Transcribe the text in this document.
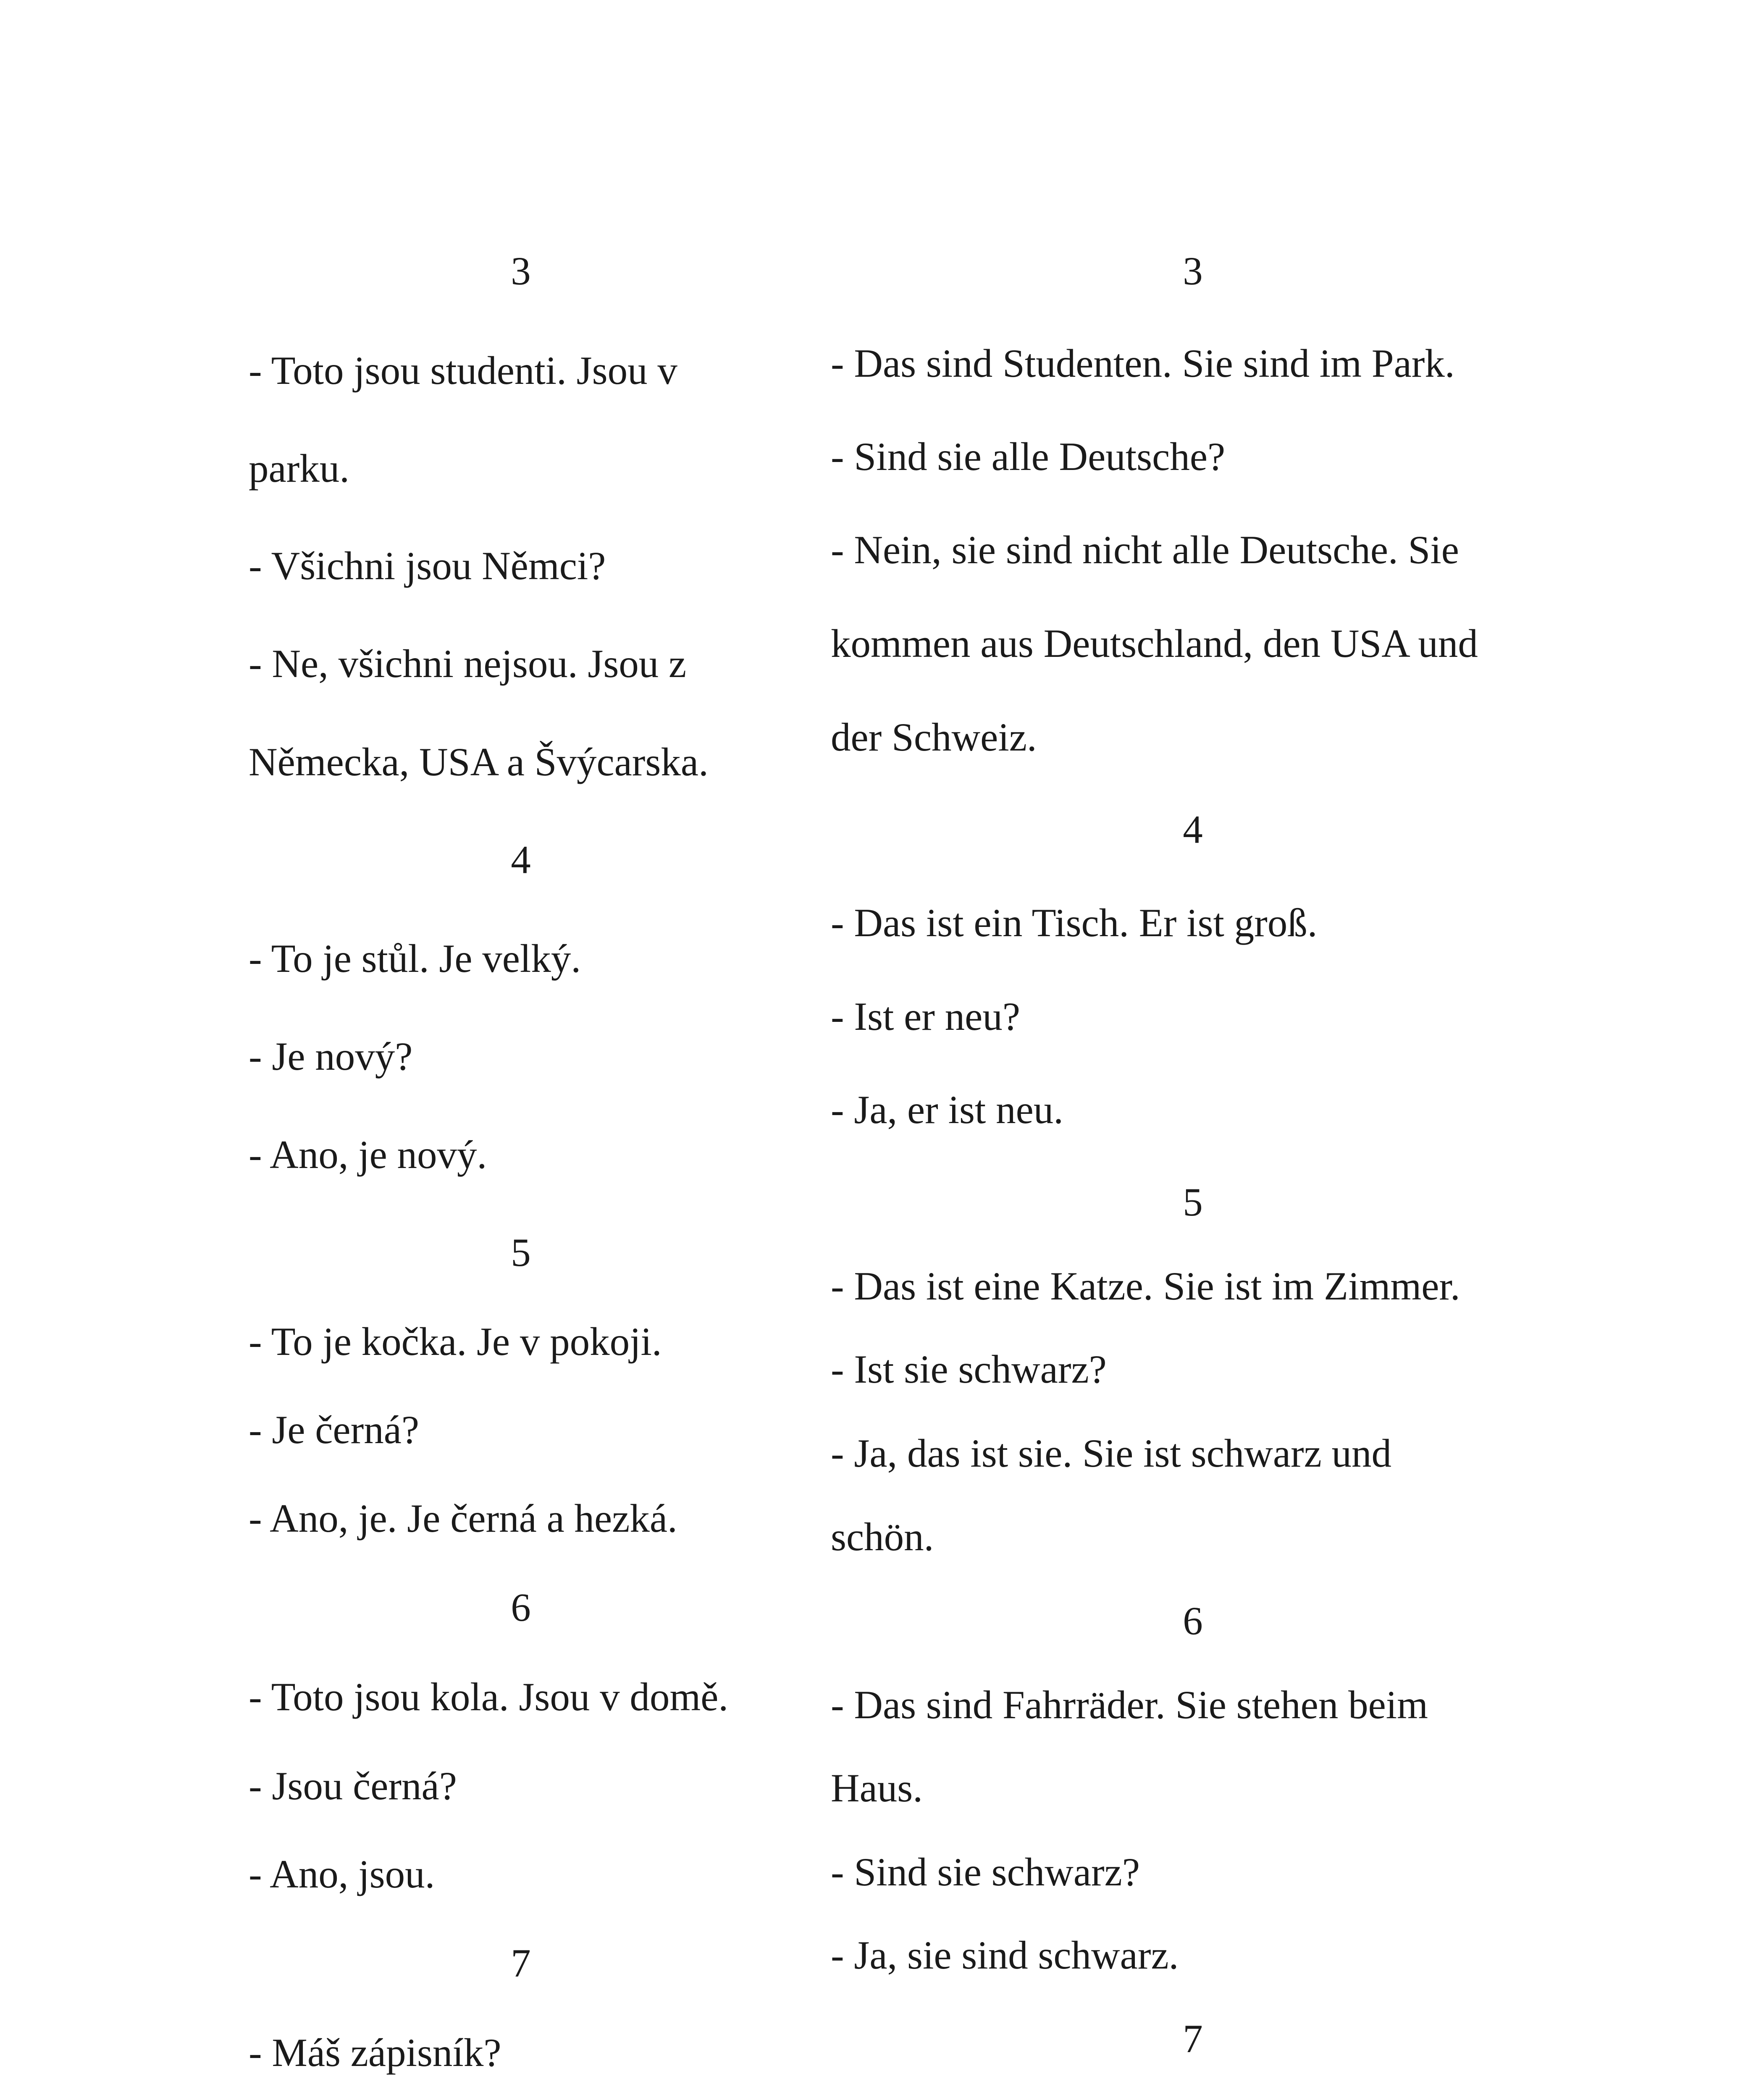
3
- Toto jsou studenti. Jsou v
parku.
- Všichni jsou Němci?
- Ne, všichni nejsou. Jsou z
Německa, USA a Švýcarska.
4
- To je stůl. Je velký.
- Je nový?
- Ano, je nový.
5
- To je kočka. Je v pokoji.
- Je černá?
- Ano, je. Je černá a hezká.
6
- Toto jsou kola. Jsou v domě.
- Jsou černá?
- Ano, jsou.
7
- Máš zápisník?
3
- Das sind Studenten. Sie sind im Park.
- Sind sie alle Deutsche?
- Nein, sie sind nicht alle Deutsche. Sie
kommen aus Deutschland, den USA und
der Schweiz.
4
- Das ist ein Tisch. Er ist groß.
- Ist er neu?
- Ja, er ist neu.
5
- Das ist eine Katze. Sie ist im Zimmer.
- Ist sie schwarz?
- Ja, das ist sie. Sie ist schwarz und
schön.
6
- Das sind Fahrräder. Sie stehen beim
Haus.
- Sind sie schwarz?
- Ja, sie sind schwarz.
7
